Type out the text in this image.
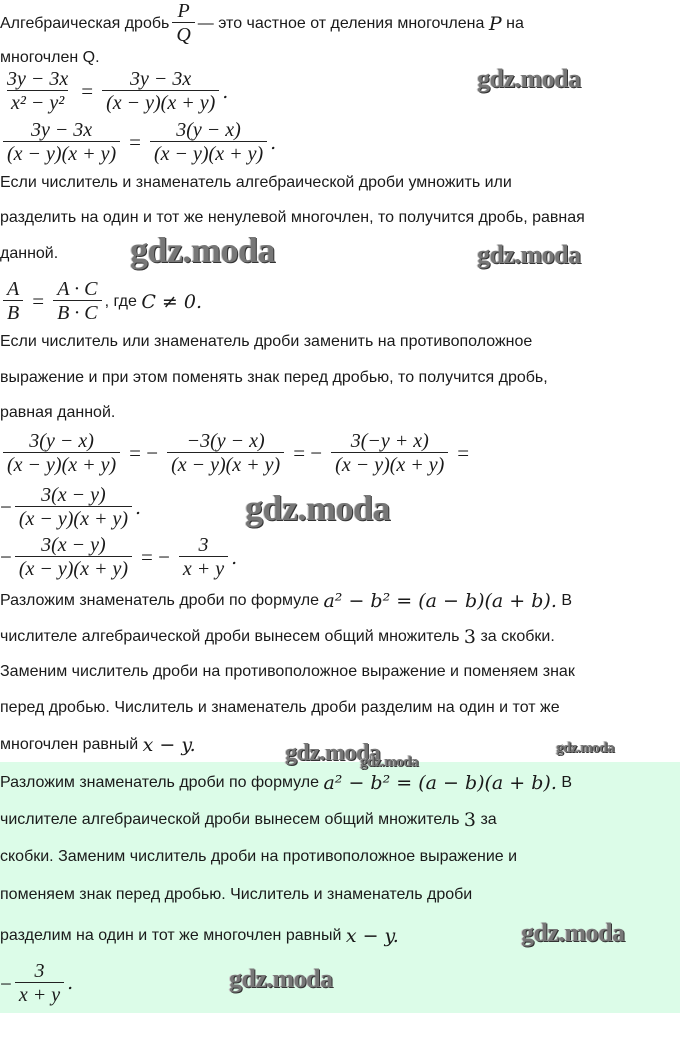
Алгебраическая дробь $\frac{P}{Q}$ — это частное от деления многочлена
P
на
многочлен Q.
$\frac{3y - 3x}{\text{x² − y²}} = \frac{3y - 3x}{(x - y)(x + y)}$ .
$\frac{3y - 3x}{(x - y)(x + y)} = \frac{3(y - x)}{(x - y)(x + y)}$ .
Если числитель и знаменатель алгебраической дроби умножить или
разделить на один и тот же ненулевой многочлен, то получится дробь, равная
данной.
$\frac{A}{B} = \frac{A \cdot C}{B \cdot C}$ , где
C ≠ 0.
Если числитель или знаменатель дроби заменить на противоположное
выражение и при этом поменять знак перед дробью, то получится дробь,
равная данной.
$\frac{3(y - x)}{(x - y)(x + y)}$ = − $\frac{-3(y - x)}{(x - y)(x + y)}$ = − $\frac{3(-y + x)}{(x - y)(x + y)}$ =
− $\frac{3(x - y)}{(x - y)(x + y)}$ .
− $\frac{3(x - y)}{(x - y)(x + y)}$ = − $\frac{3}{x + y}$ .
Разложим знаменатель дроби по формуле
a² − b² = (a − b)(a + b).
В
числителе алгебраической дроби вынесем общий множитель
3
за скобки.
Заменим числитель дроби на противоположное выражение и поменяем знак
перед дробью. Числитель и знаменатель дроби разделим на один и тот же
многочлен равный
x − y.
Разложим знаменатель дроби по формуле
a² − b² = (a − b)(a + b).
В
числителе алгебраической дроби вынесем общий множитель
3
за
скобки. Заменим числитель дроби на противоположное выражение и
поменяем знак перед дробью. Числитель и знаменатель дроби
разделим на один и тот же многочлен равный
x − y.
− $\frac{3}{x + y}$ .
gdz.moda
gdz.moda	gdz.moda
gdz.moda
gdz.moda	gdz.moda
gdz.moda
gdz.moda
gdz.moda
